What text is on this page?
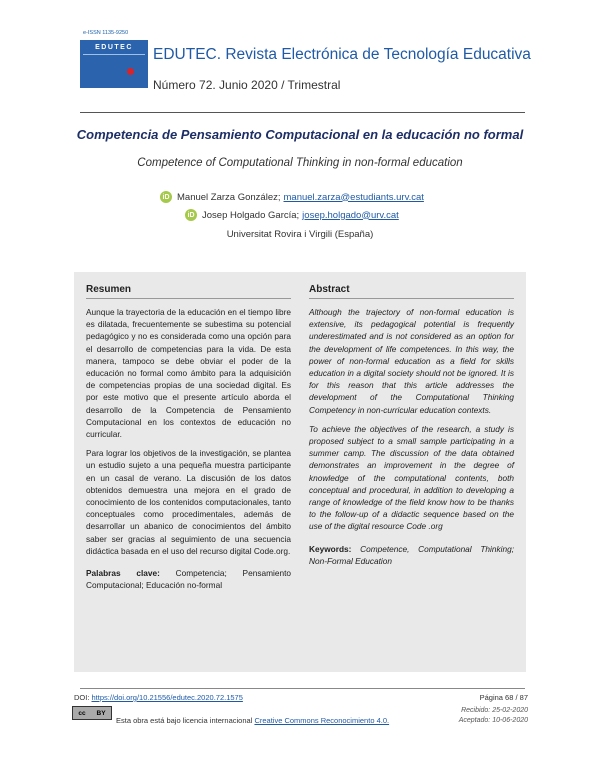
e-ISSN 1135-9250
EDUTEC	EDUTEC. Revista Electrónica de Tecnología Educativa
Número 72. Junio 2020 / Trimestral
Competencia de Pensamiento Computacional en la educación no formal
Competence of Computational Thinking in non-formal education
iD Manuel Zarza González; manuel.zarza@estudiants.urv.cat
iD Josep Holgado García; josep.holgado@urv.cat
Universitat Rovira i Virgili (España)
Resumen

Aunque la trayectoria de la educación en el tiempo libre es dilatada, frecuentemente se subestima su potencial pedagógico y no es considerada como una opción para el desarrollo de competencias para la vida. De esta manera, tampoco se debe obviar el poder de la educación no formal como ámbito para la adquisición de competencias propias de una sociedad digital. Es por este motivo que el presente artículo aborda el desarrollo de la Competencia de Pensamiento Computacional en los contextos de educación no curricular.

Para lograr los objetivos de la investigación, se plantea un estudio sujeto a una pequeña muestra participante en un casal de verano. La discusión de los datos obtenidos demuestra una mejora en el grado de conocimiento de los contenidos computacionales, tanto conceptuales como procedimentales, además de desarrollar un abanico de conocimientos del ámbito saber ser gracias al seguimiento de una secuencia didáctica basada en el uso del recurso digital Code.org.

Palabras clave: Competencia; Pensamiento Computacional; Educación no-formal

Abstract

Although the trajectory of non-formal education is extensive, its pedagogical potential is frequently underestimated and is not considered as an option for the development of life competences. In this way, the power of non-formal education as a field for skills education in a digital society should not be ignored. It is for this reason that this article addresses the development of the Computational Thinking Competency in non-curricular education contexts.

To achieve the objectives of the research, a study is proposed subject to a small sample participating in a summer camp. The discussion of the data obtained demonstrates an improvement in the degree of knowledge of the computational contents, both conceptual and procedural, in addition to developing a range of knowledge of the field know how to be thanks to the follow-up of a didactic sequence based on the use of the digital resource Code .org

Keywords: Competence, Computational Thinking; Non-Formal Education

DOI: https://doi.org/10.21556/edutec.2020.72.1575	Página 68 / 87
cc BY
Esta obra está bajo licencia internacional Creative Commons Reconocimiento 4.0.
Recibido: 25-02-2020
Aceptado: 10-06-2020
